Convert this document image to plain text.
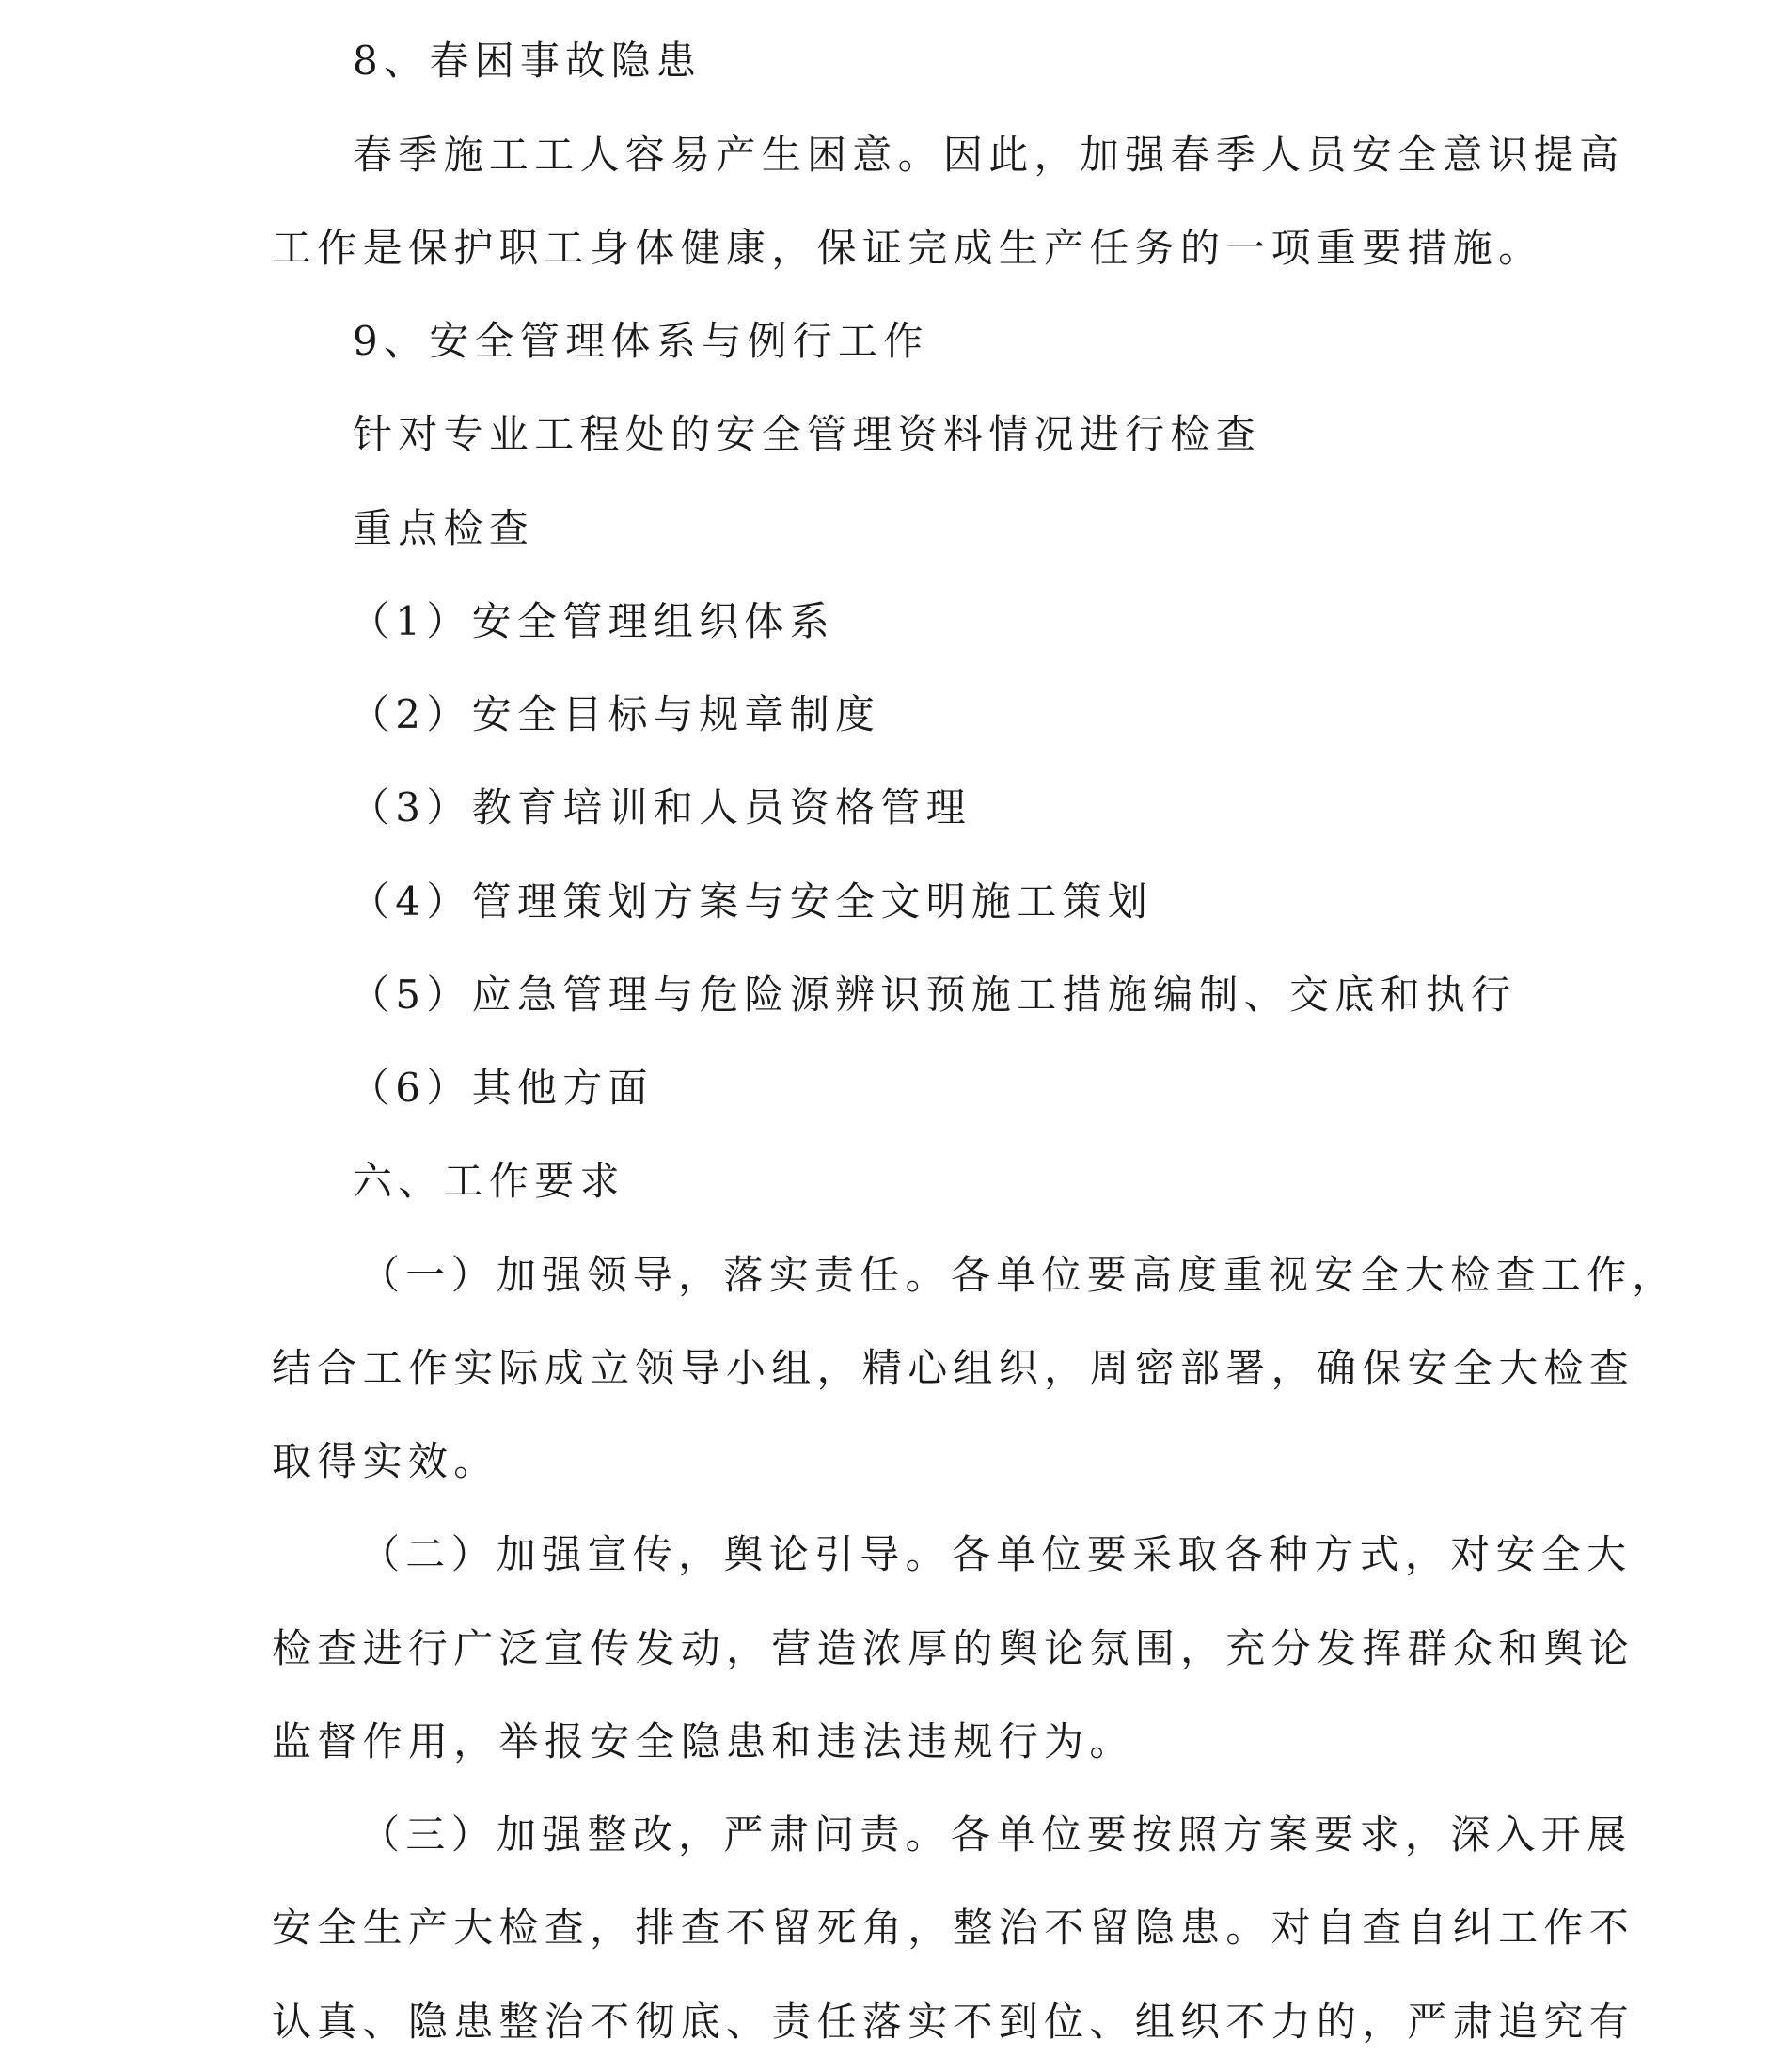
8、春困事故隐患
春季施工工人容易产生困意。因此，加强春季人员安全意识提高
工作是保护职工身体健康，保证完成生产任务的一项重要措施。
9、安全管理体系与例行工作
针对专业工程处的安全管理资料情况进行检查
重点检查
（1）安全管理组织体系
（2）安全目标与规章制度
（3）教育培训和人员资格管理
（4）管理策划方案与安全文明施工策划
（5）应急管理与危险源辨识预施工措施编制、交底和执行
（6）其他方面
六、工作要求
（一）加强领导，落实责任。各单位要高度重视安全大检查工作，
结合工作实际成立领导小组，精心组织，周密部署，确保安全大检查
取得实效。
（二）加强宣传，舆论引导。各单位要采取各种方式，对安全大
检查进行广泛宣传发动，营造浓厚的舆论氛围，充分发挥群众和舆论
监督作用，举报安全隐患和违法违规行为。
（三）加强整改，严肃问责。各单位要按照方案要求，深入开展
安全生产大检查，排查不留死角，整治不留隐患。对自查自纠工作不
认真、隐患整治不彻底、责任落实不到位、组织不力的，严肃追究有
